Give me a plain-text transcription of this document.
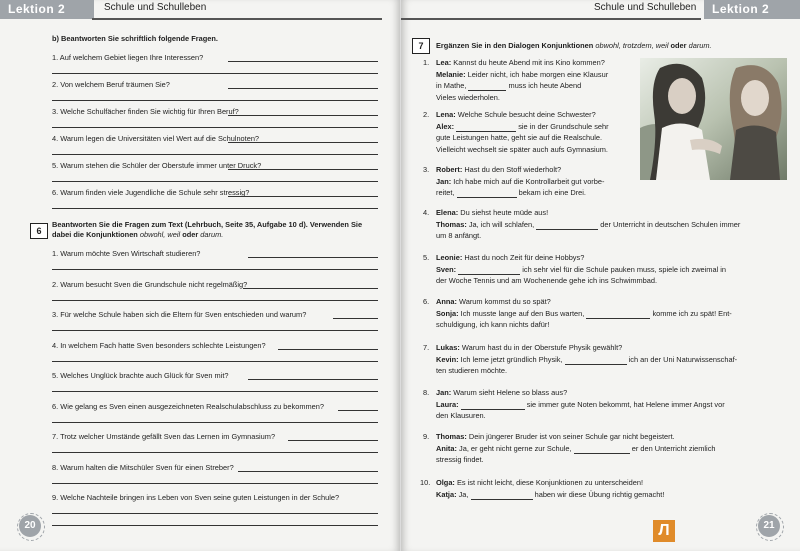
Lektion 2	Schule und Schulleben
b) Beantworten Sie schriftlich folgende Fragen.
1. Auf welchem Gebiet liegen Ihre Interessen?
2. Von welchem Beruf träumen Sie?
3. Welche Schulfächer finden Sie wichtig für Ihren Beruf?
4. Warum legen die Universitäten viel Wert auf die Schulnoten?
5. Warum stehen die Schüler der Oberstufe immer unter Druck?
6. Warum finden viele Jugendliche die Schule sehr stressig?
6
Beantworten Sie die Fragen zum Text (Lehrbuch, Seite 35, Aufgabe 10 d). Verwenden Sie
dabei die Konjunktionen obwohl, weil oder darum.
1. Warum möchte Sven Wirtschaft studieren?
2. Warum besucht Sven die Grundschule nicht regelmäßig?
3. Für welche Schule haben sich die Eltern für Sven entschieden und warum?
4. In welchem Fach hatte Sven besonders schlechte Leistungen?
5. Welches Unglück brachte auch Glück für Sven mit?
6. Wie gelang es Sven einen ausgezeichneten Realschulabschluss zu bekommen?
7. Trotz welcher Umstände gefällt Sven das Lernen im Gymnasium?
8. Warum halten die Mitschüler Sven für einen Streber?
9. Welche Nachteile bringen ins Leben von Sven seine guten Leistungen in der Schule?
20
Lektion 2
Schule und Schulleben
7	Ergänzen Sie in den Dialogen Konjunktionen obwohl, trotzdem, weil oder darum.
1. Lea: Kannst du heute Abend mit ins Kino kommen?
Melanie: Leider nicht, ich habe morgen eine Klausur
in Mathe,	muss ich heute Abend
Vieles wiederholen.
2. Lena: Welche Schule besucht deine Schwester?
Alex:	sie in der Grundschule sehr
gute Leistungen hatte, geht sie auf die Realschule.
Vielleicht wechselt sie später auch aufs Gymnasium.
3. Robert: Hast du den Stoff wiederholt?
Jan: Ich habe mich auf die Kontrollarbeit gut vorbe-
reitet,	bekam ich eine Drei.
4. Elena: Du siehst heute müde aus!
Thomas: Ja, ich will schlafen,	der Unterricht in deutschen Schulen immer
um 8 anfängt.
5. Leonie: Hast du noch Zeit für deine Hobbys?
Sven:	ich sehr viel für die Schule pauken muss, spiele ich zweimal in
der Woche Tennis und am Wochenende gehe ich ins Schwimmbad.
6. Anna: Warum kommst du so spät?
Sonja: Ich musste lange auf den Bus warten,	komme ich zu spät! Ent-
schuldigung, ich kann nichts dafür!
7. Lukas: Warum hast du in der Oberstufe Physik gewählt?
Kevin: Ich lerne jetzt gründlich Physik,	ich an der Uni Naturwissenschaf-
ten studieren möchte.
8. Jan: Warum sieht Helene so blass aus?
Laura:	sie immer gute Noten bekommt, hat Helene immer Angst vor
den Klausuren.
9. Thomas: Dein jüngerer Bruder ist von seiner Schule gar nicht begeistert.
Anita: Ja, er geht nicht gerne zur Schule,	er den Unterricht ziemlich
stressig findet.
10. Olga: Es ist nicht leicht, diese Konjunktionen zu unterscheiden!
Katja: Ja,	haben wir diese Übung richtig gemacht!
Л	21
